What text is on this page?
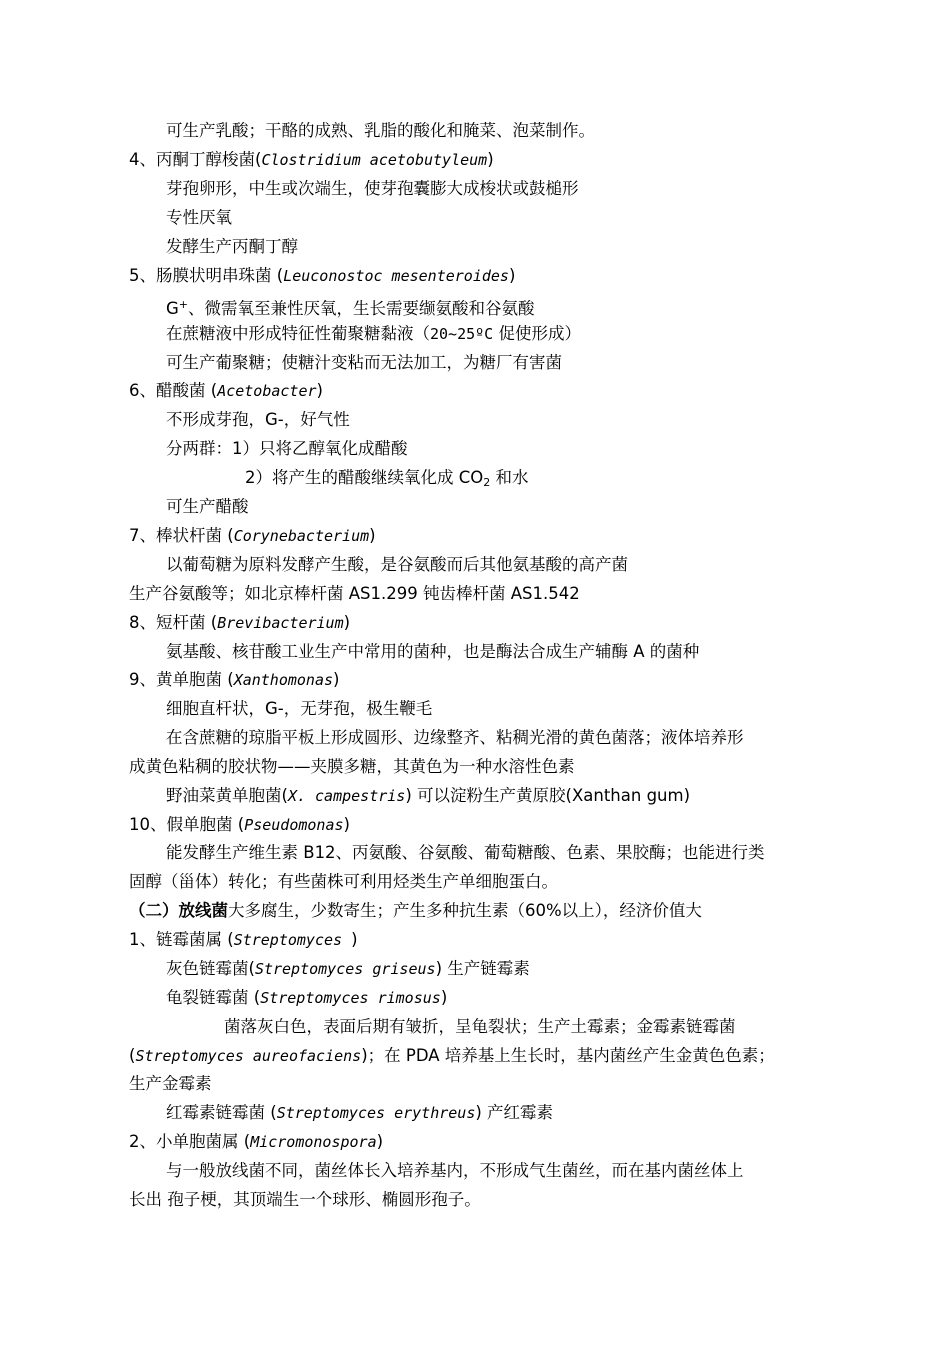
可生产乳酸；干酪的成熟、乳脂的酸化和腌菜、泡菜制作。
4、丙酮丁醇梭菌(Clostridium acetobutyleum)
芽孢卵形，中生或次端生，使芽孢囊膨大成梭状或鼓槌形
专性厌氧
发酵生产丙酮丁醇
5、肠膜状明串珠菌 (Leuconostoc mesenteroides)
G+、微需氧至兼性厌氧，生长需要缬氨酸和谷氨酸
在蔗糖液中形成特征性葡聚糖黏液（20~25ºC 促使形成）
可生产葡聚糖；使糖汁变粘而无法加工，为糖厂有害菌
6、醋酸菌 (Acetobacter)
不形成芽孢，G-，好气性
分两群：1）只将乙醇氧化成醋酸
2）将产生的醋酸继续氧化成 $CO_2$ 和水
可生产醋酸
7、棒状杆菌 (Corynebacterium)
以葡萄糖为原料发酵产生酸，是谷氨酸而后其他氨基酸的高产菌
生产谷氨酸等；如北京棒杆菌 AS1.299 钝齿棒杆菌 AS1.542
8、短杆菌 (Brevibacterium)
氨基酸、核苷酸工业生产中常用的菌种，也是酶法合成生产辅酶 A 的菌种
9、黄单胞菌 (Xanthomonas)
细胞直杆状，G-，无芽孢，极生鞭毛
在含蔗糖的琼脂平板上形成圆形、边缘整齐、粘稠光滑的黄色菌落；液体培养形
成黄色粘稠的胶状物——夹膜多糖，其黄色为一种水溶性色素
野油菜黄单胞菌(X. campestris) 可以淀粉生产黄原胶(Xanthan gum)
10、假单胞菌 (Pseudomonas)
能发酵生产维生素 B12、丙氨酸、谷氨酸、葡萄糖酸、色素、果胶酶；也能进行类
固醇（甾体）转化；有些菌株可利用烃类生产单细胞蛋白。
（二）放线菌大多腐生，少数寄生；产生多种抗生素（60%以上），经济价值大
1、链霉菌属 (Streptomyces )
灰色链霉菌(Streptomyces griseus) 生产链霉素
龟裂链霉菌 (Streptomyces rimosus)
菌落灰白色，表面后期有皱折，呈龟裂状；生产土霉素；金霉素链霉菌
(Streptomyces aureofaciens)；在 PDA 培养基上生长时，基内菌丝产生金黄色色素；
生产金霉素
红霉素链霉菌 (Streptomyces erythreus) 产红霉素
2、小单胞菌属 (Micromonospora)
与一般放线菌不同，菌丝体长入培养基内，不形成气生菌丝，而在基内菌丝体上
长出 孢子梗，其顶端生一个球形、椭圆形孢子。
